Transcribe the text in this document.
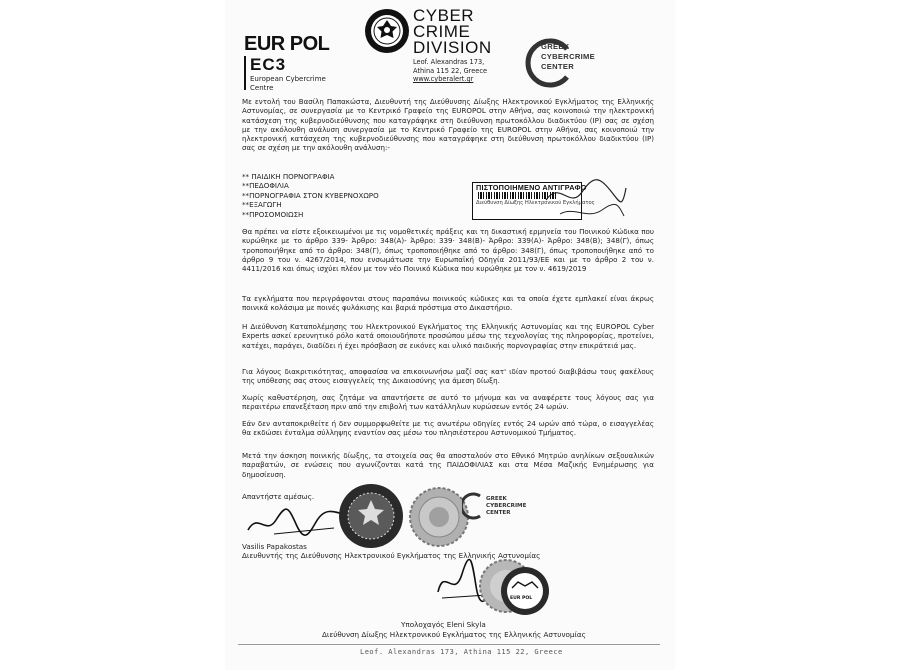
EUR POL
EC3
European Cybercrime
Centre
CYBER
CRIME
DIVISION
Leof. Alexandras 173,
Athina 115 22, Greece
www.cyberalert.gr
GREEK
CYBERCRIME
CENTER

Με εντολή του Βασίλη Παπακώστα, Διευθυντή της Διεύθυνσης Δίωξης Ηλεκτρονικού Εγκλήματος της Ελληνικής Αστυνομίας, σε συνεργασία με το Κεντρικό Γραφείο της EUROPOL στην Αθήνα, σας κοινοποιώ την ηλεκτρονική κατάσχεση της κυβερνοδιεύθυνσης που καταγράφηκε στη διεύθυνση πρωτοκόλλου διαδικτύου (IP) σας σε σχέση με την ακόλουθη ανάλυση συνεργασία με το Κεντρικό Γραφείο της EUROPOL στην Αθήνα, σας κοινοποιώ την ηλεκτρονική κατάσχεση της κυβερνοδιεύθυνσης που καταγράφηκε στη διεύθυνση πρωτοκόλλου διαδικτύου (IP) σας σε σχέση με την ακόλουθη ανάλυση:-

** ΠΑΙΔΙΚΗ ΠΟΡΝΟΓΡΑΦΙΑ
**ΠΕΔΟΦΙΛΙΑ
**ΠΟΡΝΟΓΡΑΦΙΑ ΣΤΟΝ ΚΥΒΕΡΝΟΧΩΡΟ
**ΕΞΑΓΩΓΗ
**ΠΡΟΣΟΜΟΙΩΣΗ
ΠΙΣΤΟΠΟΙΗΜΕΝΟ ΑΝΤΙΓΡΑΦΟ
Διεύθυνση Δίωξης Ηλεκτρονικού Εγκλήματος

Θα πρέπει να είστε εξοικειωμένοι με τις νομοθετικές πράξεις και τη δικαστική ερμηνεία του Ποινικού Κώδικα που κυρώθηκε με το άρθρο 339- Άρθρο: 348(Α)- Άρθρο: 339· 348(Β)- Άρθρο: 339(Α)- Άρθρο: 348(Β); 348(Γ), όπως τροποποιήθηκε από το άρθρο: 348(Γ), όπως τροποποιήθηκε από το άρθρο: 348(Γ), όπως τροποποιήθηκε από το άρθρο 9 του ν. 4267/2014, που ενσωμάτωσε την Ευρωπαϊκή Οδηγία 2011/93/ΕΕ και με το άρθρο 2 του ν. 4411/2016 και όπως ισχύει πλέον με τον νέο Ποινικό Κώδικα που κυρώθηκε με τον ν. 4619/2019

Τα εγκλήματα που περιγράφονται στους παραπάνω ποινικούς κώδικες και τα οποία έχετε εμπλακεί είναι άκρως ποινικά κολάσιμα με ποινές φυλάκισης και βαριά πρόστιμα στο Δικαστήριο.

Η Διεύθυνση Καταπολέμησης του Ηλεκτρονικού Εγκλήματος της Ελληνικής Αστυνομίας και της EUROPOL Cyber Experts ασκεί ερευνητικό ρόλο κατά οποιουδήποτε προσώπου μέσω της τεχνολογίας της πληροφορίας, προτείνει, κατέχει, παράγει, διαδίδει ή έχει πρόσβαση σε εικόνες και υλικό παιδικής πορνογραφίας στην επικράτειά μας.

Για λόγους διακριτικότητας, αποφασίσα να επικοινωνήσω μαζί σας κατ' ιδίαν προτού διαβιβάσω τους φακέλους της υπόθεσης σας στους εισαγγελείς της Δικαιοσύνης για άμεση δίωξη.

Χωρίς καθυστέρηση, σας ζητάμε να απαντήσετε σε αυτό το μήνυμα και να αναφέρετε τους λόγους σας για περαιτέρω επανεξέταση πριν από την επιβολή των κατάλληλων κυρώσεων εντός 24 ωρών.

Εάν δεν ανταποκριθείτε ή δεν συμμορφωθείτε με τις ανωτέρω οδηγίες εντός 24 ωρών από τώρα, ο εισαγγελέας θα εκδώσει ένταλμα σύλληψης εναντίον σας μέσω του πλησιέστερου Αστυνομικού Τμήματος.

Μετά την άσκηση ποινικής δίωξης, τα στοιχεία σας θα αποσταλούν στο Εθνικό Μητρώο ανηλίκων σεξουαλικών παραβατών, σε ενώσεις που αγωνίζονται κατά της ΠΑΙΔΟΦΙΛΙΑΣ και στα Μέσα Μαζικής Ενημέρωσης για δημοσίευση.

Απαντήστε αμέσως.	GREEK
CYBERCRIME
CENTER
Vasilis Papakostas
Διευθυντής της Διεύθυνσης Ηλεκτρονικού Εγκλήματος της Ελληνικής Αστυνομίας
EUR POL
Υπολοχαγός Eleni Skyla
Διεύθυνση Δίωξης Ηλεκτρονικού Εγκλήματος της Ελληνικής Αστυνομίας
Leof. Alexandras 173, Athina 115 22, Greece
